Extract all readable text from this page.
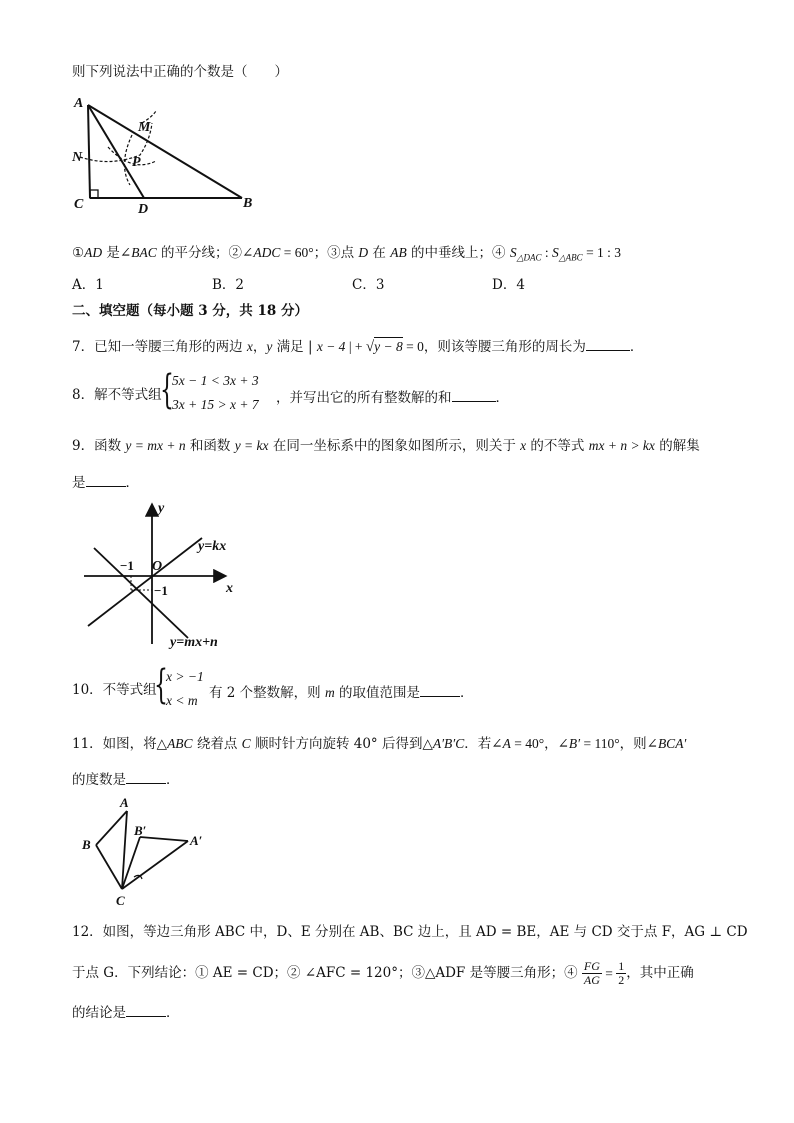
则下列说法中正确的个数是（　　）
A
M
N	P
C	D	B
①AD 是∠BAC 的平分线；②∠ADC = 60°；③点 D 在 AB 的中垂线上；④ $S_{\triangle DAC}$ : $S_{\triangle ABC} = 1$ : 3
A．1	B．2	C．3	D．4
二、填空题（每小题 3 分，共 18 分）
7．已知一等腰三角形的两边 x，y 满足 | x − 4 | + √y − 8 = 0，则该等腰三角形的周长为	．
8．解不等式组
{
5x − 1 < 3x + 3
3x + 15 > x + 7 ，并写出它的所有整数解的和	．
9．函数 y = mx + n 和函数 y = kx 在同一坐标系中的图象如图所示，则关于 x 的不等式 mx + n > kx 的解集
是	．
y
x
O
y=kx
y=mx+n
−1
−1
10．不等式组
{
x > −1
x < m 有 2 个整数解，则 m 的取值范围是	．
11．如图，将△ABC 绕着点 C 顺时针方向旋转 40° 后得到△A′B′C．若∠A = 40°，∠B′ = 110°，则∠BCA′
的度数是	．
A
B
B′
A′
C
12．如图，等边三角形 ABC 中，D、E 分别在 AB、BC 边上，且 AD = BE，AE 与 CD 交于点 F，AG ⊥ CD
于点 G．下列结论：① AE = CD；② ∠AFC = 120°；③△ADF 是等腰三角形；④ $\frac{FG}{AG} = \frac{1}{2}$ ，其中正确
的结论是	．
